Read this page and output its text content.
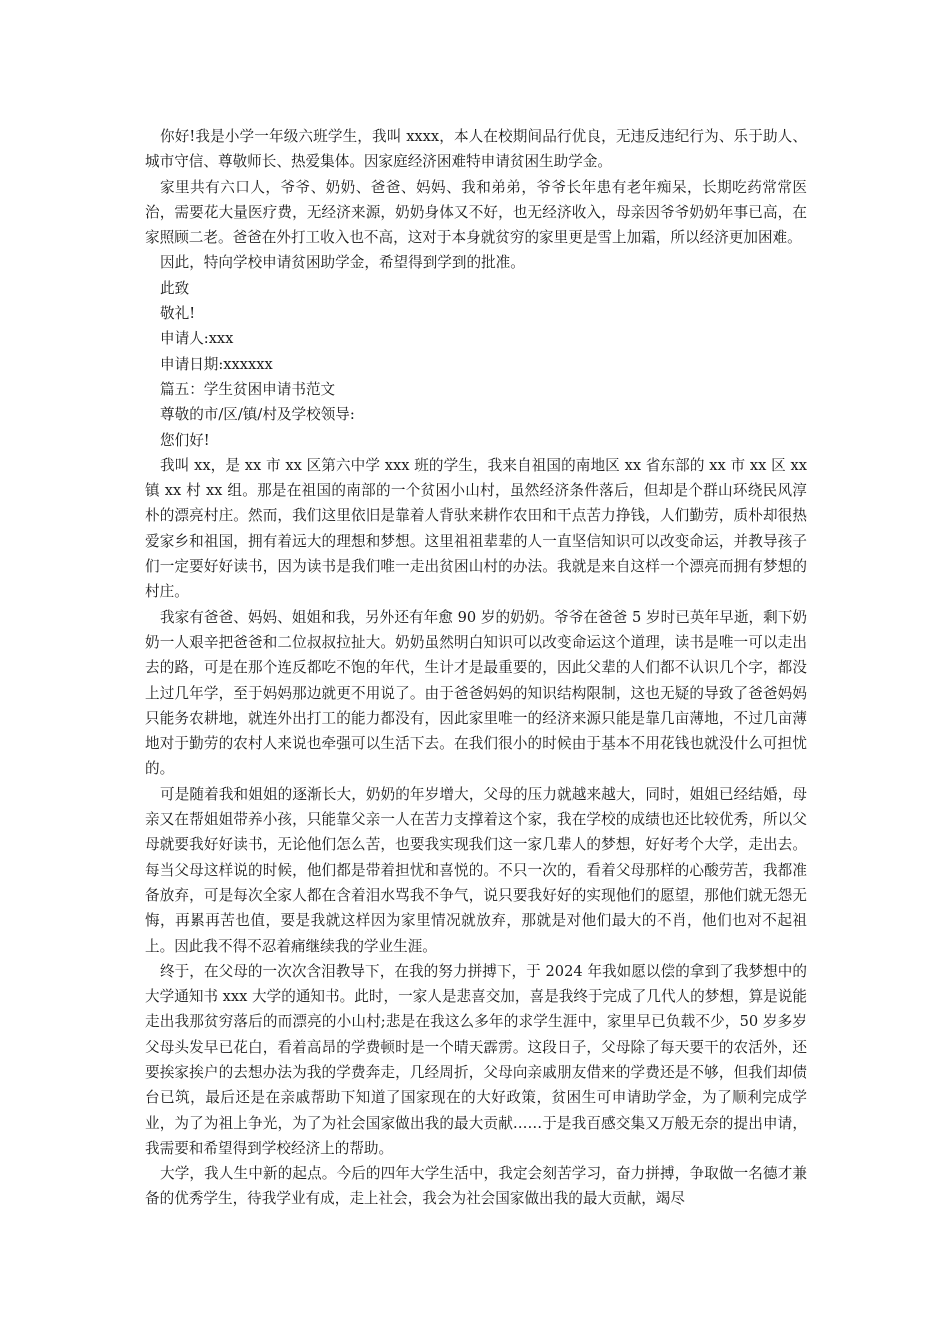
你好!我是小学一年级六班学生，我叫 xxxx，本人在校期间品行优良，无违反违纪行为、乐于助人、城市守信、尊敬师长、热爱集体。因家庭经济困难特申请贫困生助学金。

家里共有六口人，爷爷、奶奶、爸爸、妈妈、我和弟弟，爷爷长年患有老年痴呆，长期吃药常常医治，需要花大量医疗费，无经济来源，奶奶身体又不好，也无经济收入，母亲因爷爷奶奶年事已高，在家照顾二老。爸爸在外打工收入也不高，这对于本身就贫穷的家里更是雪上加霜，所以经济更加困难。

因此，特向学校申请贫困助学金，希望得到学到的批准。

此致

敬礼!

申请人:xxx

申请日期:xxxxxx

篇五：学生贫困申请书范文

尊敬的市/区/镇/村及学校领导:

您们好!

我叫 xx，是 xx 市 xx 区第六中学 xxx 班的学生，我来自祖国的南地区 xx 省东部的 xx 市 xx 区 xx 镇 xx 村 xx 组。那是在祖国的南部的一个贫困小山村，虽然经济条件落后，但却是个群山环绕民风淳朴的漂亮村庄。然而，我们这里依旧是靠着人背驮来耕作农田和干点苦力挣钱，人们勤劳，质朴却很热爱家乡和祖国，拥有着远大的理想和梦想。这里祖祖辈辈的人一直坚信知识可以改变命运，并教导孩子 们一定要好好读书，因为读书是我们唯一走出贫困山村的办法。我就是来自这样一个漂亮而拥有梦想的村庄。

我家有爸爸、妈妈、姐姐和我，另外还有年愈 90 岁的奶奶。爷爷在爸爸 5 岁时已英年早逝，剩下奶奶一人艰辛把爸爸和二位叔叔拉扯大。奶奶虽然明白知识可以改变命运这个道理，读书是唯一可以走出去的路，可是在那个连反都吃不饱的年代，生计才是最重要的，因此父辈的人们都不认识几个字，都没上过几年学，至于妈妈那边就更不用说了。由于爸爸妈妈的知识结构限制，这也无疑的导致了爸爸妈妈只能务农耕地，就连外出打工的能力都没有，因此家里唯一的经济来源只能是靠几亩薄地，不过几亩薄地对于勤劳的农村人来说也牵强可以生活下去。在我们很小的时候由于基本不用花钱也就没什么可担忧的。

可是随着我和姐姐的逐渐长大，奶奶的年岁增大，父母的压力就越来越大，同时，姐姐已经结婚，母亲又在帮姐姐带养小孩，只能靠父亲一人在苦力支撑着这个家，我在学校的成绩也还比较优秀，所以父母就要我好好读书，无论他们怎么苦，也要我实现我们这一家几辈人的梦想，好好考个大学，走出去。每当父母这样说的时候，他们都是带着担忧和喜悦的。不只一次的，看着父母那样的心酸劳苦，我都准备放弃，可是每次全家人都在含着泪水骂我不争气，说只要我好好的实现他们的愿望，那他们就无怨无悔，再累再苦也值，要是我就这样因为家里情况就放弃，那就是对他们最大的不肖，他们也对不起祖上。因此我不得不忍着痛继续我的学业生涯。

终于，在父母的一次次含泪教导下，在我的努力拼搏下，于 2024 年我如愿以偿的拿到了我梦想中的大学通知书 xxx 大学的通知书。此时，一家人是悲喜交加，喜是我终于完成了几代人的梦想，算是说能走出我那贫穷落后的而漂亮的小山村;悲是在我这么多年的求学生涯中，家里早已负载不少，50 岁多岁父母头发早已花白，看着高昂的学费顿时是一个晴天霹雳。这段日子，父母除了每天要干的农活外，还要挨家挨户的去想办法为我的学费奔走，几经周折，父母向亲戚朋友借来的学费还是不够，但我们却债台已筑，最后还是在亲戚帮助下知道了国家现在的大好政策，贫困生可申请助学金，为了顺利完成学业，为了为祖上争光，为了为社会国家做出我的最大贡献……于是我百感交集又万般无奈的提出申请，我需要和希望得到学校经济上的帮助。

大学，我人生中新的起点。今后的四年大学生活中，我定会刻苦学习，奋力拼搏，争取做一名德才兼备的优秀学生，待我学业有成，走上社会，我会为社会国家做出我的最大贡献，竭尽
